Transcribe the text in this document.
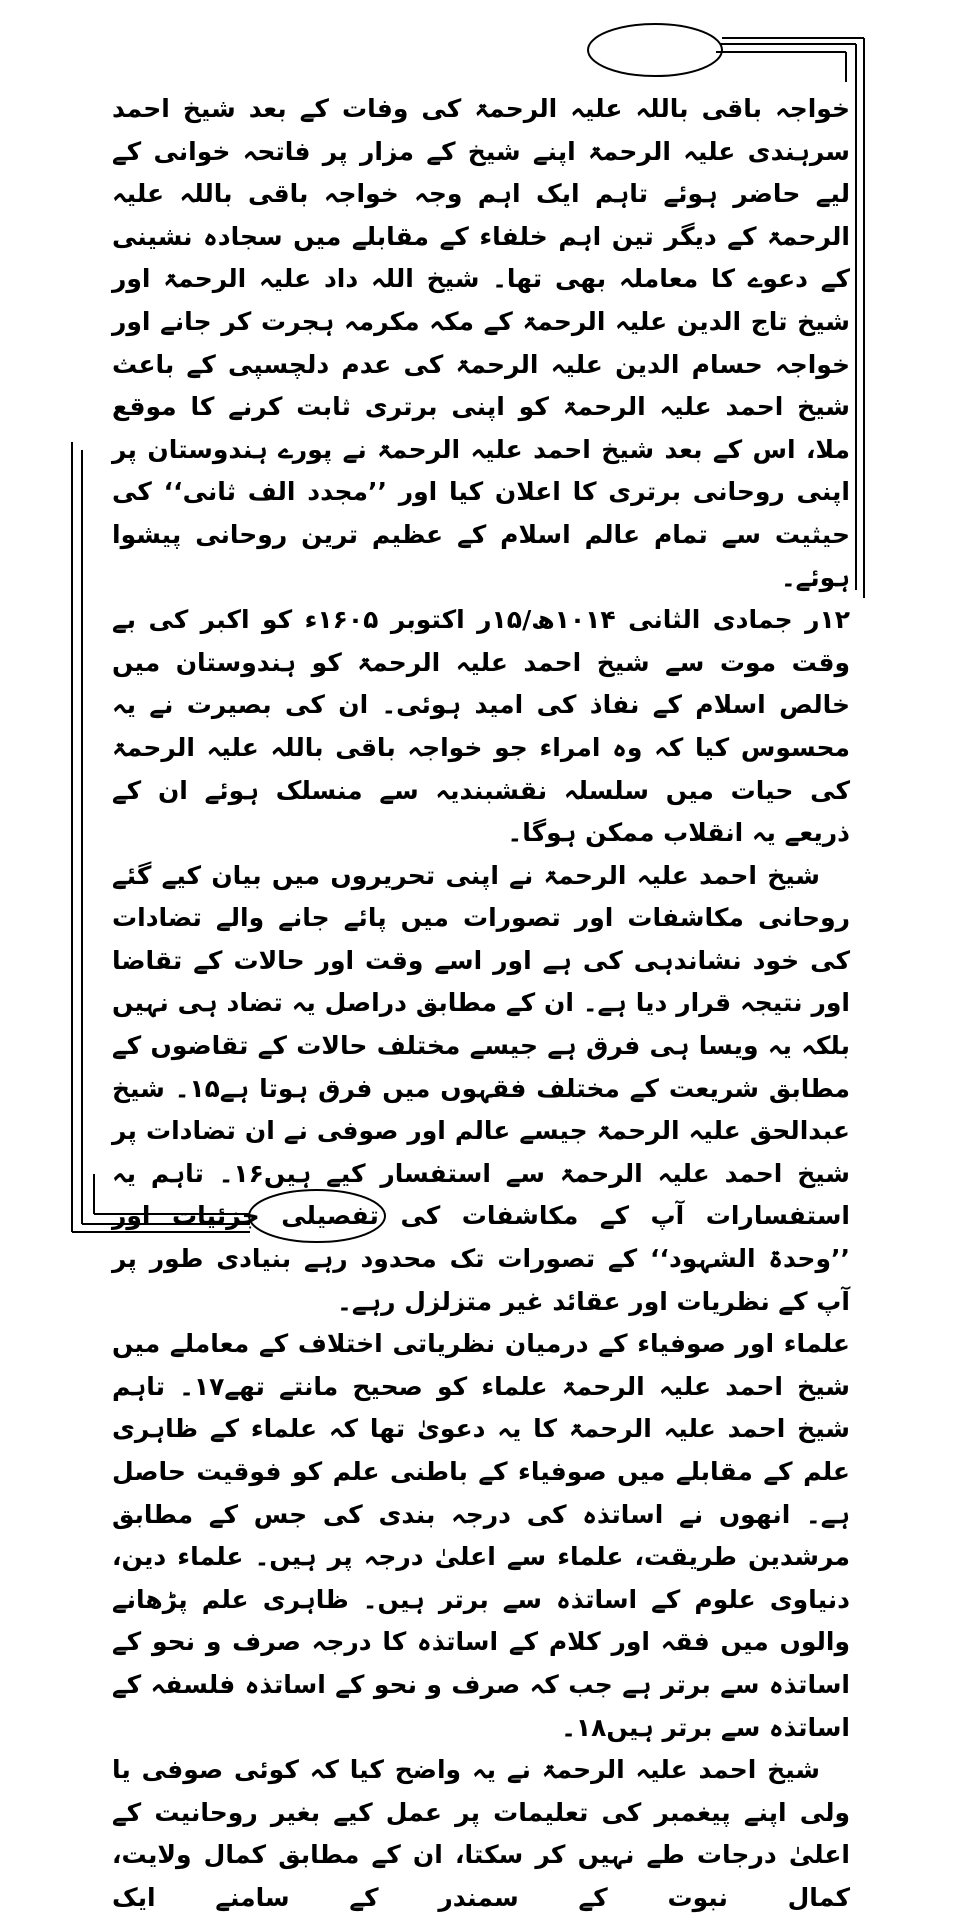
خواجہ باقی باللہ علیہ الرحمۃ کی وفات کے بعد شیخ احمد سرہندی علیہ الرحمۃ اپنے شیخ کے مزار پر فاتحہ خوانی کے لیے حاضر ہوئے تاہم ایک اہم وجہ خواجہ باقی باللہ علیہ الرحمۃ کے دیگر تین اہم خلفاء کے مقابلے میں سجادہ نشینی کے دعوے کا معاملہ بھی تھا۔ شیخ اللہ داد علیہ الرحمۃ اور شیخ تاج الدین علیہ الرحمۃ کے مکہ مکرمہ ہجرت کر جانے اور خواجہ حسام الدین علیہ الرحمۃ کی عدم دلچسپی کے باعث شیخ احمد علیہ الرحمۃ کو اپنی برتری ثابت کرنے کا موقع ملا، اس کے بعد شیخ احمد علیہ الرحمۃ نے پورے ہندوستان پر اپنی روحانی برتری کا اعلان کیا اور ’’مجدد الف ثانی‘‘ کی حیثیت سے تمام عالم اسلام کے عظیم ترین روحانی پیشوا ہوئے۔

۱۲ر جمادی الثانی ۱۰۱۴ھ/۱۵ر اکتوبر ۱۶۰۵ء کو اکبر کی بے وقت موت سے شیخ احمد علیہ الرحمۃ کو ہندوستان میں خالص اسلام کے نفاذ کی امید ہوئی۔ ان کی بصیرت نے یہ محسوس کیا کہ وہ امراء جو خواجہ باقی باللہ علیہ الرحمۃ کی حیات میں سلسلہ نقشبندیہ سے منسلک ہوئے ان کے ذریعے یہ انقلاب ممکن ہوگا۔

شیخ احمد علیہ الرحمۃ نے اپنی تحریروں میں بیان کیے گئے روحانی مکاشفات اور تصورات میں پائے جانے والے تضادات کی خود نشاندہی کی ہے اور اسے وقت اور حالات کے تقاضا اور نتیجہ قرار دیا ہے۔ ان کے مطابق دراصل یہ تضاد ہی نہیں بلکہ یہ ویسا ہی فرق ہے جیسے مختلف حالات کے تقاضوں کے مطابق شریعت کے مختلف فقہوں میں فرق ہوتا ہے۱۵۔ شیخ عبدالحق علیہ الرحمۃ جیسے عالم اور صوفی نے ان تضادات پر شیخ احمد علیہ الرحمۃ سے استفسار کیے ہیں۱۶۔ تاہم یہ استفسارات آپ کے مکاشفات کی تفصیلی جزئیات اور ’’وحدۃ الشہود‘‘ کے تصورات تک محدود رہے بنیادی طور پر آپ کے نظریات اور عقائد غیر متزلزل رہے۔

علماء اور صوفیاء کے درمیان نظریاتی اختلاف کے معاملے میں شیخ احمد علیہ الرحمۃ علماء کو صحیح مانتے تھے۱۷۔ تاہم شیخ احمد علیہ الرحمۃ کا یہ دعویٰ تھا کہ علماء کے ظاہری علم کے مقابلے میں صوفیاء کے باطنی علم کو فوقیت حاصل ہے۔ انھوں نے اساتذہ کی درجہ بندی کی جس کے مطابق مرشدین طریقت، علماء سے اعلیٰ درجہ پر ہیں۔ علماء دین، دنیاوی علوم کے اساتذہ سے برتر ہیں۔ ظاہری علم پڑھانے والوں میں فقہ اور کلام کے اساتذہ کا درجہ صرف و نحو کے اساتذہ سے برتر ہے جب کہ صرف و نحو کے اساتذہ فلسفہ کے اساتذہ سے برتر ہیں۱۸۔

شیخ احمد علیہ الرحمۃ نے یہ واضح کیا کہ کوئی صوفی یا ولی اپنے پیغمبر کی تعلیمات پر عمل کیے بغیر روحانیت کے اعلیٰ درجات طے نہیں کر سکتا، ان کے مطابق کمال ولایت، کمال نبوت کے سمندر کے سامنے ایک
